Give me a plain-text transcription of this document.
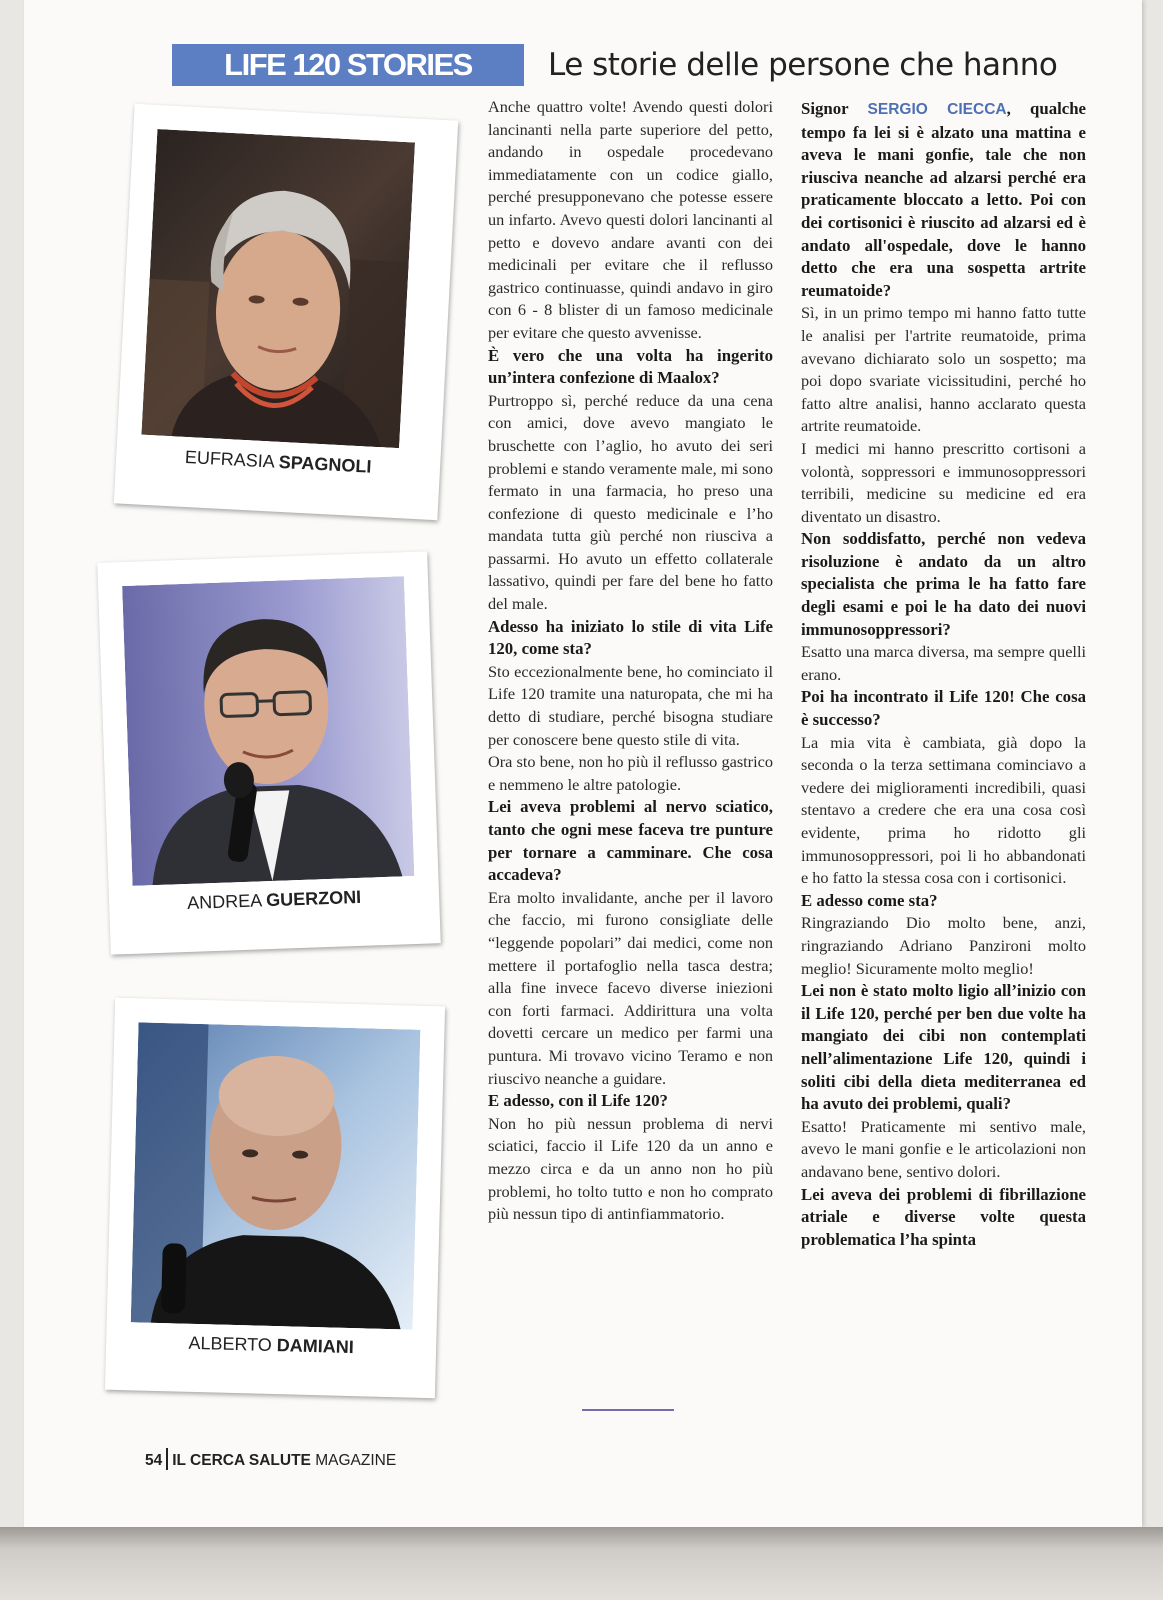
LIFE 120 STORIES	Le storie delle persone che hanno
EUFRASIA SPAGNOLI
ANDREA GUERZONI
ALBERTO DAMIANI

Anche quattro volte! Avendo questi dolori lancinanti nella parte superiore del petto, andando in ospedale procedevano immediatamente con un codice giallo, perché presupponevano che potesse essere un infarto. Avevo questi dolori lancinanti al petto e dovevo andare avanti con dei medicinali per evitare che il reflusso gastrico continuasse, quindi andavo in giro con 6 - 8 blister di un famoso medicinale per evitare che questo avvenisse.

È vero che una volta ha ingerito un’intera confezione di Maalox?

Purtroppo sì, perché reduce da una cena con amici, dove avevo mangiato le bruschette con l’aglio, ho avuto dei seri problemi e stando veramente male, mi sono fermato in una farmacia, ho preso una confezione di questo medicinale e l’ho mandata tutta giù perché non riusciva a passarmi. Ho avuto un effetto collaterale lassativo, quindi per fare del bene ho fatto del male.

Adesso ha iniziato lo stile di vita Life 120, come sta?

Sto eccezionalmente bene, ho cominciato il Life 120 tramite una naturopata, che mi ha detto di studiare, perché bisogna studiare per conoscere bene questo stile di vita.

Ora sto bene, non ho più il reflusso gastrico e nemmeno le altre patologie.

Lei aveva problemi al nervo sciatico, tanto che ogni mese faceva tre punture per tornare a camminare. Che cosa accadeva?

Era molto invalidante, anche per il lavoro che faccio, mi furono consigliate delle “leggende popolari” dai medici, come non mettere il portafoglio nella tasca destra; alla fine invece facevo diverse iniezioni con forti farmaci. Addirittura una volta dovetti cercare un medico per farmi una puntura. Mi trovavo vicino Teramo e non riuscivo neanche a guidare.

E adesso, con il Life 120?

Non ho più nessun problema di nervi sciatici, faccio il Life 120 da un anno e mezzo circa e da un anno non ho più problemi, ho tolto tutto e non ho comprato più nessun tipo di antinfiammatorio.

Signor SERGIO CIECCA, qualche tempo fa lei si è alzato una mattina e aveva le mani gonfie, tale che non riusciva neanche ad alzarsi perché era praticamente bloccato a letto. Poi con dei cortisonici è riuscito ad alzarsi ed è andato all'ospedale, dove le hanno detto che era una sospetta artrite reumatoide?

Sì, in un primo tempo mi hanno fatto tutte le analisi per l'artrite reumatoide, prima avevano dichiarato solo un sospetto; ma poi dopo svariate vicissitudini, perché ho fatto altre analisi, hanno acclarato questa artrite reumatoide.

I medici mi hanno prescritto cortisoni a volontà, soppressori e immunosoppressori terribili, medicine su medicine ed era diventato un disastro.

Non soddisfatto, perché non vedeva risoluzione è andato da un altro specialista che prima le ha fatto fare degli esami e poi le ha dato dei nuovi immunosoppressori?

Esatto una marca diversa, ma sempre quelli erano.

Poi ha incontrato il Life 120! Che cosa è successo?

La mia vita è cambiata, già dopo la seconda o la terza settimana cominciavo a vedere dei miglioramenti incredibili, quasi stentavo a credere che era una cosa così evidente, prima ho ridotto gli immunosoppressori, poi li ho abbandonati e ho fatto la stessa cosa con i cortisonici.

E adesso come sta?

Ringraziando Dio molto bene, anzi, ringraziando Adriano Panzironi molto meglio! Sicuramente molto meglio!

Lei non è stato molto ligio all’inizio con il Life 120, perché per ben due volte ha mangiato dei cibi non contemplati nell’alimentazione Life 120, quindi i soliti cibi della dieta mediterranea ed ha avuto dei problemi, quali?

Esatto! Praticamente mi sentivo male, avevo le mani gonfie e le articolazioni non andavano bene, sentivo dolori.

Lei aveva dei problemi di fibrillazione atriale e diverse volte questa problematica l’ha spinta

54 IL CERCA SALUTE MAGAZINE
